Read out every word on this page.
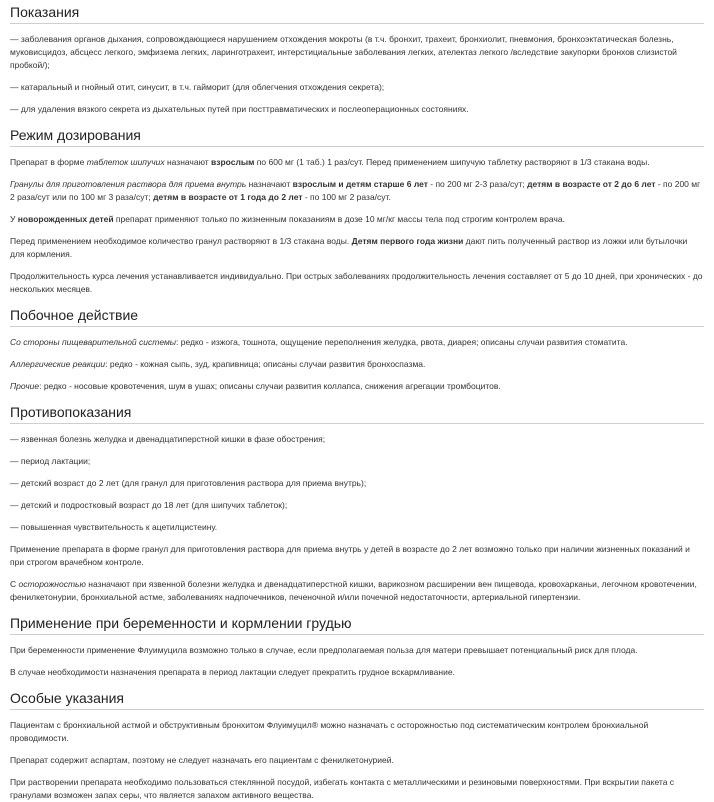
Показания

— заболевания органов дыхания, сопровождающиеся нарушением отхождения мокроты (в т.ч. бронхит, трахеит, бронхиолит, пневмония, бронхоэктатическая болезнь, муковисцидоз, абсцесс легкого, эмфизема легких, ларинготрахеит, интерстициальные заболевания легких, ателектаз легкого /вследствие закупорки бронхов слизистой пробкой/);

— катаральный и гнойный отит, синусит, в т.ч. гайморит (для облегчения отхождения секрета);

— для удаления вязкого секрета из дыхательных путей при посттравматических и послеоперационных состояниях.

Режим дозирования

Препарат в форме таблеток шипучих назначают взрослым по 600 мг (1 таб.) 1 раз/сут. Перед применением шипучую таблетку растворяют в 1/3 стакана воды.

Гранулы для приготовления раствора для приема внутрь назначают взрослым и детям старше 6 лет - по 200 мг 2-3 раза/сут; детям в возрасте от 2 до 6 лет - по 200 мг 2 раза/сут или по 100 мг 3 раза/сут; детям в возрасте от 1 года до 2 лет - по 100 мг 2 раза/сут.

У новорожденных детей препарат применяют только по жизненным показаниям в дозе 10 мг/кг массы тела под строгим контролем врача.

Перед применением необходимое количество гранул растворяют в 1/3 стакана воды. Детям первого года жизни дают пить полученный раствор из ложки или бутылочки для кормления.

Продолжительность курса лечения устанавливается индивидуально. При острых заболеваниях продолжительность лечения составляет от 5 до 10 дней, при хронических - до нескольких месяцев.

Побочное действие

Со стороны пищеварительной системы: редко - изжога, тошнота, ощущение переполнения желудка, рвота, диарея; описаны случаи развития стоматита.

Аллергические реакции: редко - кожная сыпь, зуд, крапивница; описаны случаи развития бронхоспазма.

Прочие: редко - носовые кровотечения, шум в ушах; описаны случаи развития коллапса, снижения агрегации тромбоцитов.

Противопоказания

— язвенная болезнь желудка и двенадцатиперстной кишки в фазе обострения;

— период лактации;

— детский возраст до 2 лет (для гранул для приготовления раствора для приема внутрь);

— детский и подростковый возраст до 18 лет (для шипучих таблеток);

— повышенная чувствительность к ацетилцистеину.

Применение препарата в форме гранул для приготовления раствора для приема внутрь у детей в возрасте до 2 лет возможно только при наличии жизненных показаний и при строгом врачебном контроле.

С осторожностью назначают при язвенной болезни желудка и двенадцатиперстной кишки, варикозном расширении вен пищевода, кровохарканьи, легочном кровотечении, фенилкетонурии, бронхиальной астме, заболеваниях надпочечников, печеночной и/или почечной недостаточности, артериальной гипертензии.

Применение при беременности и кормлении грудью

При беременности применение Флуимуцила возможно только в случае, если предполагаемая польза для матери превышает потенциальный риск для плода.

В случае необходимости назначения препарата в период лактации следует прекратить грудное вскармливание.

Особые указания

Пациентам с бронхиальной астмой и обструктивным бронхитом Флуимуцил® можно назначать с осторожностью под систематическим контролем бронхиальной проводимости.

Препарат содержит аспартам, поэтому не следует назначать его пациентам с фенилкетонурией.

При растворении препарата необходимо пользоваться стеклянной посудой, избегать контакта с металлическими и резиновыми поверхностями. При вскрытии пакета с гранулами возможен запах серы, что является запахом активного вещества.
